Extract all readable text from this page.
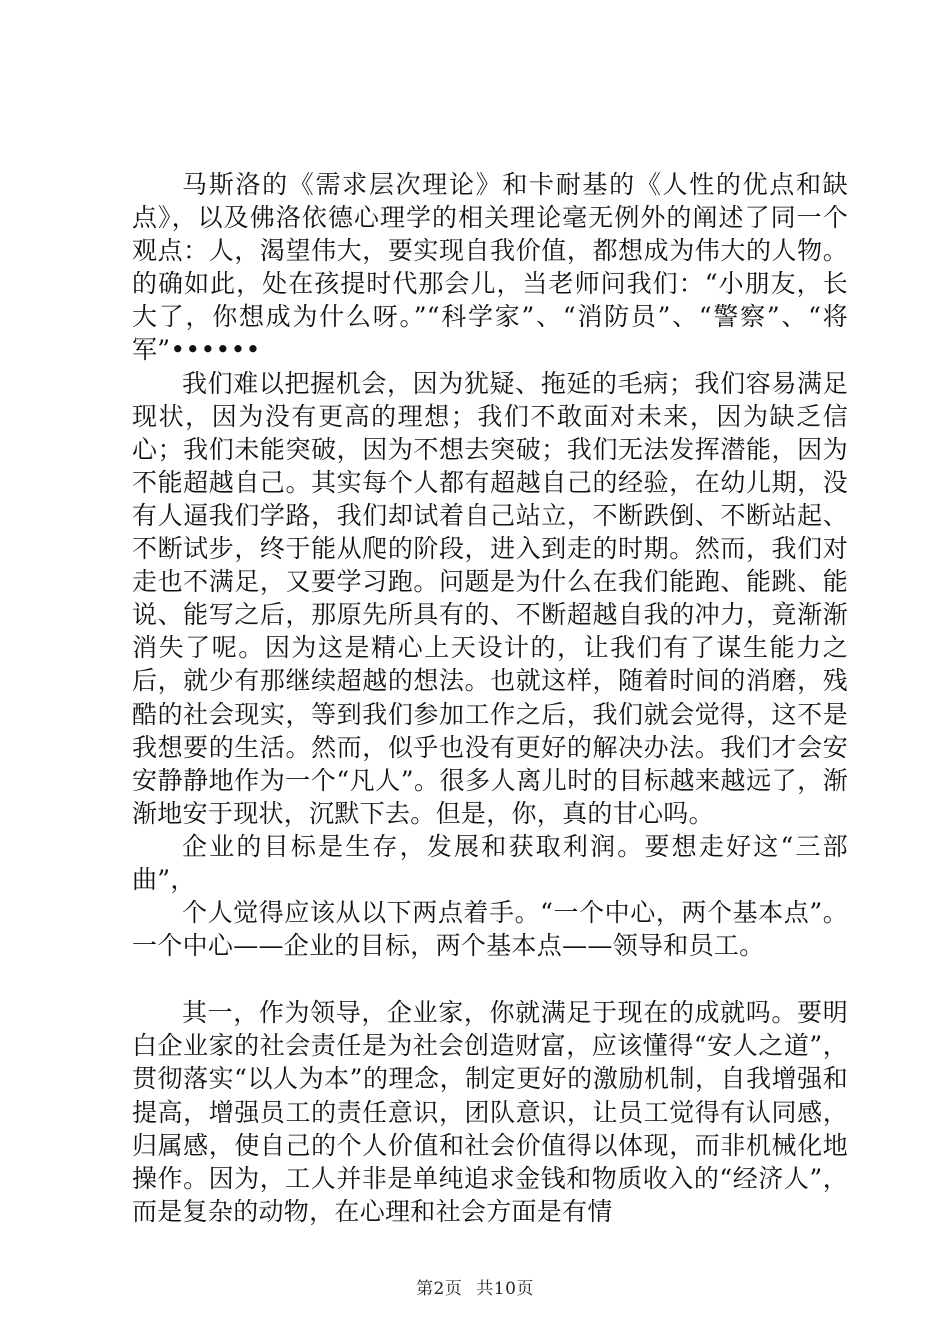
马斯洛的《需求层次理论》和卡耐基的《人性的优点和缺点》，以及佛洛依德心理学的相关理论毫无例外的阐述了同一个观点：人，渴望伟大，要实现自我价值，都想成为伟大的人物。的确如此，处在孩提时代那会儿，当老师问我们：“小朋友，长大了，你想成为什么呀。”“科学家”、“消防员”、“警察”、“将军”••••••

我们难以把握机会，因为犹疑、拖延的毛病；我们容易满足现状，因为没有更高的理想；我们不敢面对未来，因为缺乏信心；我们未能突破，因为不想去突破；我们无法发挥潜能，因为不能超越自己。其实每个人都有超越自己的经验，在幼儿期，没有人逼我们学路，我们却试着自己站立，不断跌倒、不断站起、不断试步，终于能从爬的阶段，进入到走的时期。然而，我们对走也不满足，又要学习跑。问题是为什么在我们能跑、能跳、能说、能写之后，那原先所具有的、不断超越自我的冲力，竟渐渐消失了呢。因为这是精心上天设计的，让我们有了谋生能力之后，就少有那继续超越的想法。也就这样，随着时间的消磨，残酷的社会现实，等到我们参加工作之后，我们就会觉得，这不是我想要的生活。然而，似乎也没有更好的解决办法。我们才会安安静静地作为一个“凡人”。很多人离儿时的目标越来越远了，渐渐地安于现状，沉默下去。但是，你，真的甘心吗。

企业的目标是生存，发展和获取利润。要想走好这“三部曲”，

个人觉得应该从以下两点着手。“一个中心，两个基本点”。一个中心——企业的目标，两个基本点——领导和员工。

其一，作为领导，企业家，你就满足于现在的成就吗。要明白企业家的社会责任是为社会创造财富，应该懂得“安人之道”，贯彻落实“以人为本”的理念，制定更好的激励机制，自我增强和提高，增强员工的责任意识，团队意识，让员工觉得有认同感，归属感，使自己的个人价值和社会价值得以体现，而非机械化地操作。因为，工人并非是单纯追求金钱和物质收入的“经济人”，而是复杂的动物，在心理和社会方面是有情

第2页 共10页
